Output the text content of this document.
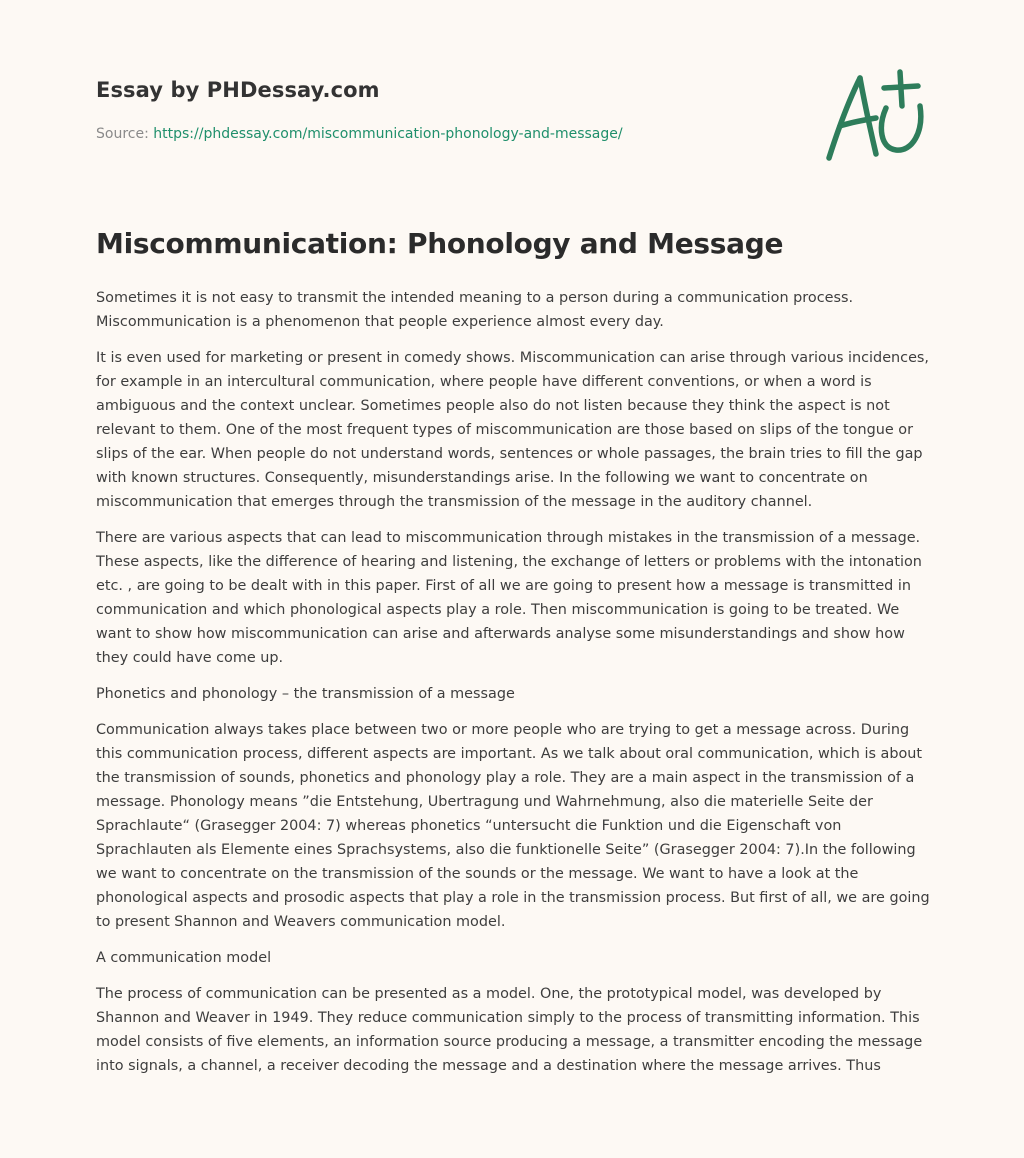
Essay by PHDessay.com
Source: https://phdessay.com/miscommunication-phonology-and-message/
Miscommunication: Phonology and Message

Sometimes it is not easy to transmit the intended meaning to a person during a communication process. Miscommunication is a phenomenon that people experience almost every day.

It is even used for marketing or present in comedy shows. Miscommunication can arise through various incidences, for example in an intercultural communication, where people have different conventions, or when a word is ambiguous and the context unclear. Sometimes people also do not listen because they think the aspect is not relevant to them. One of the most frequent types of miscommunication are those based on slips of the tongue or slips of the ear. When people do not understand words, sentences or whole passages, the brain tries to fill the gap with known structures. Consequently, misunderstandings arise. In the following we want to concentrate on miscommunication that emerges through the transmission of the message in the auditory channel.

There are various aspects that can lead to miscommunication through mistakes in the transmission of a message. These aspects, like the difference of hearing and listening, the exchange of letters or problems with the intonation etc. , are going to be dealt with in this paper. First of all we are going to present how a message is transmitted in communication and which phonological aspects play a role. Then miscommunication is going to be treated. We want to show how miscommunication can arise and afterwards analyse some misunderstandings and show how they could have come up.

Phonetics and phonology – the transmission of a message

Communication always takes place between two or more people who are trying to get a message across. During this communication process, different aspects are important. As we talk about oral communication, which is about the transmission of sounds, phonetics and phonology play a role. They are a main aspect in the transmission of a message. Phonology means ”die Entstehung, Ubertragung und Wahrnehmung, also die materielle Seite der Sprachlaute“ (Grasegger 2004: 7) whereas phonetics “untersucht die Funktion und die Eigenschaft von Sprachlauten als Elemente eines Sprachsystems, also die funktionelle Seite” (Grasegger 2004: 7).In the following we want to concentrate on the transmission of the sounds or the message. We want to have a look at the phonological aspects and prosodic aspects that play a role in the transmission process. But first of all, we are going to present Shannon and Weavers communication model.

A communication model

The process of communication can be presented as a model. One, the prototypical model, was developed by Shannon and Weaver in 1949. They reduce communication simply to the process of transmitting information. This model consists of five elements, an information source producing a message, a transmitter encoding the message into signals, a channel, a receiver decoding the message and a destination where the message arrives. Thus
